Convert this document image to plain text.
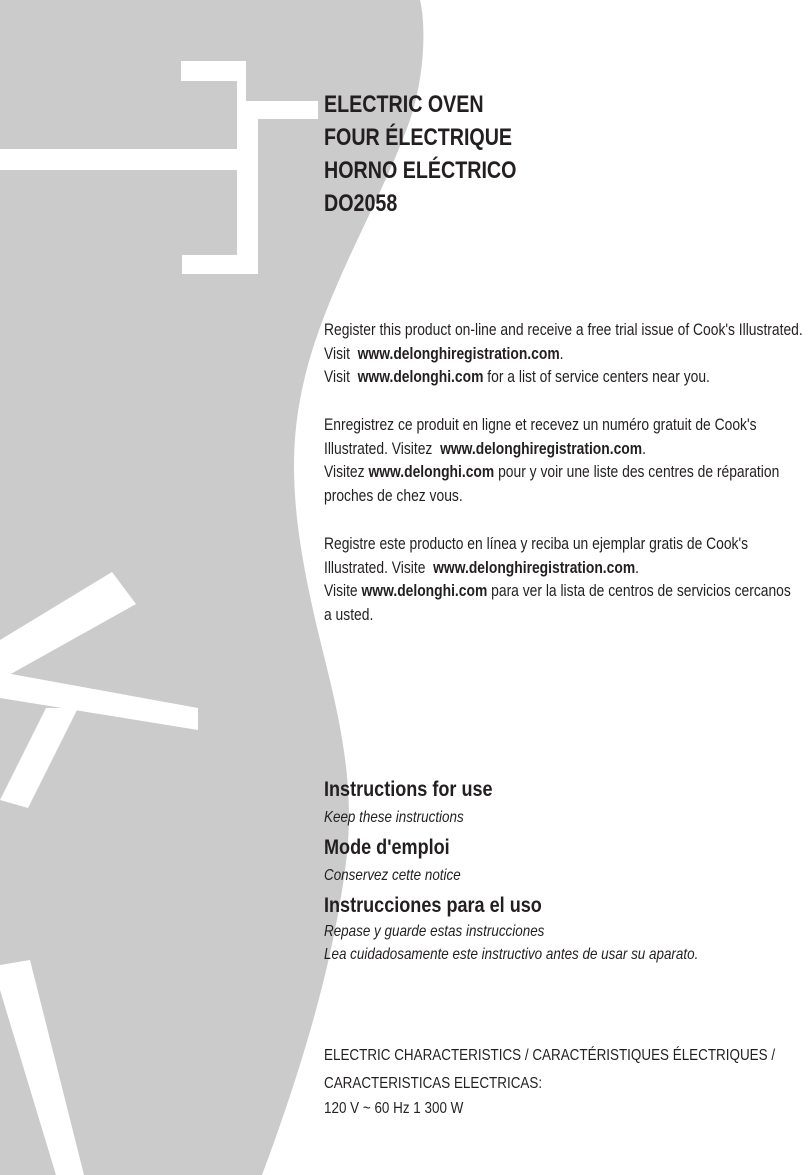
ELECTRIC OVEN
FOUR ÉLECTRIQUE
HORNO ELÉCTRICO
DO2058

Register this product on-line and receive a free trial issue of Cook's Illustrated.

Visit www.delonghiregistration.com.

Visit www.delonghi.com for a list of service centers near you.

Enregistrez ce produit en ligne et recevez un numéro gratuit de Cook's

Illustrated. Visitez www.delonghiregistration.com.

Visitez www.delonghi.com pour y voir une liste des centres de réparation

proches de chez vous.

Registre este producto en línea y reciba un ejemplar gratis de Cook's

Illustrated. Visite www.delonghiregistration.com.

Visite www.delonghi.com para ver la lista de centros de servicios cercanos

a usted.

Instructions for use
Keep these instructions
Mode d'emploi
Conservez cette notice
Instrucciones para el uso
Repase y guarde estas instrucciones
Lea cuidadosamente este instructivo antes de usar su aparato.
ELECTRIC CHARACTERISTICS / CARACTÉRISTIQUES ÉLECTRIQUES /
CARACTERISTICAS ELECTRICAS:
120 V ~ 60 Hz 1 300 W
